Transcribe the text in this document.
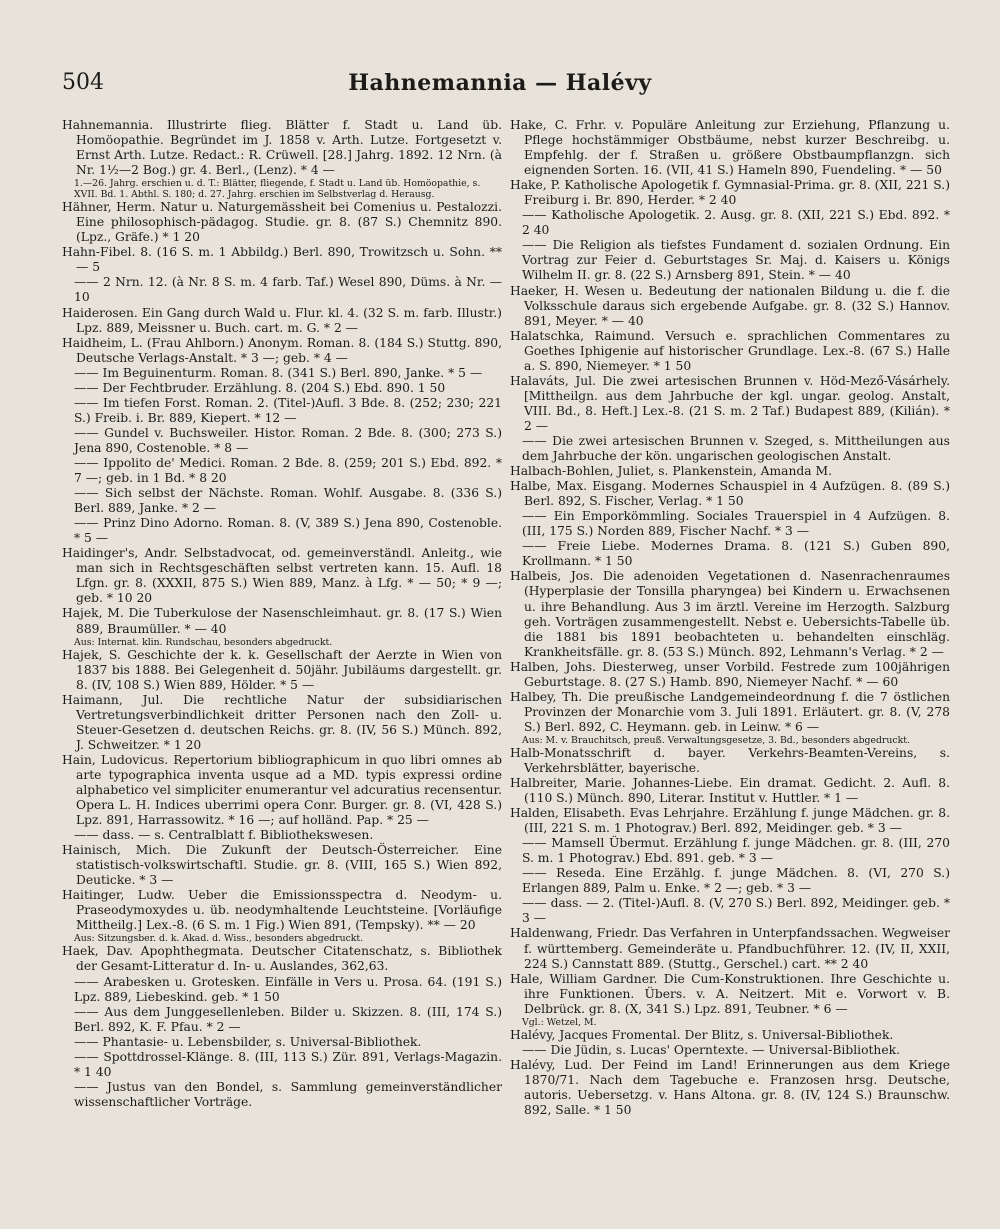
504	Hahnemannia — Halévy

Hahnemannia. Illustrirte flieg. Blätter f. Stadt u. Land üb. Homöopathie. Begründet im J. 1858 v. Arth. Lutze. Fortgesetzt v. Ernst Arth. Lutze. Redact.: R. Crüwell. [28.] Jahrg. 1892. 12 Nrn. (à Nr. 1½—2 Bog.) gr. 4. Berl., (Lenz). * 4 —

1.—26. Jahrg. erschien u. d. T.: Blätter, fliegende, f. Stadt u. Land üb. Homöopathie, s. XVII. Bd. 1. Abthl. S. 180; d. 27. Jahrg. erschien im Selbstverlag d. Herausg.

Hähner, Herm. Natur u. Naturgemässheit bei Comenius u. Pestalozzi. Eine philosophisch-pädagog. Studie. gr. 8. (87 S.) Chemnitz 890. (Lpz., Gräfe.) * 1 20

Hahn-Fibel. 8. (16 S. m. 1 Abbildg.) Berl. 890, Trowitzsch u. Sohn. ** — 5

—— 2 Nrn. 12. (à Nr. 8 S. m. 4 farb. Taf.) Wesel 890, Düms. à Nr. — 10

Haiderosen. Ein Gang durch Wald u. Flur. kl. 4. (32 S. m. farb. Illustr.) Lpz. 889, Meissner u. Buch. cart. m. G. * 2 —

Haidheim, L. (Frau Ahlborn.) Anonym. Roman. 8. (184 S.) Stuttg. 890, Deutsche Verlags-Anstalt. * 3 —; geb. * 4 —

—— Im Beguinenturm. Roman. 8. (341 S.) Berl. 890, Janke. * 5 —

—— Der Fechtbruder. Erzählung. 8. (204 S.) Ebd. 890. 1 50

—— Im tiefen Forst. Roman. 2. (Titel-)Aufl. 3 Bde. 8. (252; 230; 221 S.) Freib. i. Br. 889, Kiepert. * 12 —

—— Gundel v. Buchsweiler. Histor. Roman. 2 Bde. 8. (300; 273 S.) Jena 890, Costenoble. * 8 —

—— Ippolito de' Medici. Roman. 2 Bde. 8. (259; 201 S.) Ebd. 892. * 7 —; geb. in 1 Bd. * 8 20

—— Sich selbst der Nächste. Roman. Wohlf. Ausgabe. 8. (336 S.) Berl. 889, Janke. * 2 —

—— Prinz Dino Adorno. Roman. 8. (V, 389 S.) Jena 890, Costenoble. * 5 —

Haidinger's, Andr. Selbstadvocat, od. gemeinverständl. Anleitg., wie man sich in Rechtsgeschäften selbst vertreten kann. 15. Aufl. 18 Lfgn. gr. 8. (XXXII, 875 S.) Wien 889, Manz. à Lfg. * — 50; * 9 —; geb. * 10 20

Hajek, M. Die Tuberkulose der Nasenschleimhaut. gr. 8. (17 S.) Wien 889, Braumüller. * — 40

Aus: Internat. klin. Rundschau, besonders abgedruckt.

Hajek, S. Geschichte der k. k. Gesellschaft der Aerzte in Wien von 1837 bis 1888. Bei Gelegenheit d. 50jähr. Jubiläums dargestellt. gr. 8. (IV, 108 S.) Wien 889, Hölder. * 5 —

Haimann, Jul. Die rechtliche Natur der subsidiarischen Vertretungsverbindlichkeit dritter Personen nach den Zoll- u. Steuer-Gesetzen d. deutschen Reichs. gr. 8. (IV, 56 S.) Münch. 892, J. Schweitzer. * 1 20

Hain, Ludovicus. Repertorium bibliographicum in quo libri omnes ab arte typographica inventa usque ad a MD. typis expressi ordine alphabetico vel simpliciter enumerantur vel adcuratius recensentur. Opera L. H. Indices uberrimi opera Conr. Burger. gr. 8. (VI, 428 S.) Lpz. 891, Harrassowitz. * 16 —; auf holländ. Pap. * 25 —

—— dass. — s. Centralblatt f. Bibliothekswesen.

Hainisch, Mich. Die Zukunft der Deutsch-Österreicher. Eine statistisch-volkswirtschaftl. Studie. gr. 8. (VIII, 165 S.) Wien 892, Deuticke. * 3 —

Haitinger, Ludw. Ueber die Emissionsspectra d. Neodym- u. Praseodymoxydes u. üb. neodymhaltende Leuchtsteine. [Vorläufige Mittheilg.] Lex.-8. (6 S. m. 1 Fig.) Wien 891, (Tempsky). ** — 20

Aus: Sitzungsber. d. k. Akad. d. Wiss., besonders abgedruckt.

Haek, Dav. Apophthegmata. Deutscher Citatenschatz, s. Bibliothek der Gesamt-Litteratur d. In- u. Auslandes, 362,63.

—— Arabesken u. Grotesken. Einfälle in Vers u. Prosa. 64. (191 S.) Lpz. 889, Liebeskind. geb. * 1 50

—— Aus dem Junggesellenleben. Bilder u. Skizzen. 8. (III, 174 S.) Berl. 892, K. F. Pfau. * 2 —

—— Phantasie- u. Lebensbilder, s. Universal-Bibliothek.

—— Spottdrossel-Klänge. 8. (III, 113 S.) Zür. 891, Verlags-Magazin. * 1 40

—— Justus van den Bondel, s. Sammlung gemeinverständlicher wissenschaftlicher Vorträge.

Hake, C. Frhr. v. Populäre Anleitung zur Erziehung, Pflanzung u. Pflege hochstämmiger Obstbäume, nebst kurzer Beschreibg. u. Empfehlg. der f. Straßen u. größere Obstbaumpflanzgn. sich eignenden Sorten. 16. (VII, 41 S.) Hameln 890, Fuendeling. * — 50

Hake, P. Katholische Apologetik f. Gymnasial-Prima. gr. 8. (XII, 221 S.) Freiburg i. Br. 890, Herder. * 2 40

—— Katholische Apologetik. 2. Ausg. gr. 8. (XII, 221 S.) Ebd. 892. * 2 40

—— Die Religion als tiefstes Fundament d. sozialen Ordnung. Ein Vortrag zur Feier d. Geburtstages Sr. Maj. d. Kaisers u. Königs Wilhelm II. gr. 8. (22 S.) Arnsberg 891, Stein. * — 40

Haeker, H. Wesen u. Bedeutung der nationalen Bildung u. die f. die Volksschule daraus sich ergebende Aufgabe. gr. 8. (32 S.) Hannov. 891, Meyer. * — 40

Halatschka, Raimund. Versuch e. sprachlichen Commentares zu Goethes Iphigenie auf historischer Grundlage. Lex.-8. (67 S.) Halle a. S. 890, Niemeyer. * 1 50

Halaváts, Jul. Die zwei artesischen Brunnen v. Höd-Mező-Vásárhely. [Mittheilgn. aus dem Jahrbuche der kgl. ungar. geolog. Anstalt, VIII. Bd., 8. Heft.] Lex.-8. (21 S. m. 2 Taf.) Budapest 889, (Kilián). * 2 —

—— Die zwei artesischen Brunnen v. Szeged, s. Mittheilungen aus dem Jahrbuche der kön. ungarischen geologischen Anstalt.

Halbach-Bohlen, Juliet, s. Plankenstein, Amanda M.

Halbe, Max. Eisgang. Modernes Schauspiel in 4 Aufzügen. 8. (89 S.) Berl. 892, S. Fischer, Verlag. * 1 50

—— Ein Emporkömmling. Sociales Trauerspiel in 4 Aufzügen. 8. (III, 175 S.) Norden 889, Fischer Nachf. * 3 —

—— Freie Liebe. Modernes Drama. 8. (121 S.) Guben 890, Krollmann. * 1 50

Halbeis, Jos. Die adenoiden Vegetationen d. Nasenrachenraumes (Hyperplasie der Tonsilla pharyngea) bei Kindern u. Erwachsenen u. ihre Behandlung. Aus 3 im ärztl. Vereine im Herzogth. Salzburg geh. Vorträgen zusammengestellt. Nebst e. Uebersichts-Tabelle üb. die 1881 bis 1891 beobachteten u. behandelten einschläg. Krankheitsfälle. gr. 8. (53 S.) Münch. 892, Lehmann's Verlag. * 2 —

Halben, Johs. Diesterweg, unser Vorbild. Festrede zum 100jährigen Geburtstage. 8. (27 S.) Hamb. 890, Niemeyer Nachf. * — 60

Halbey, Th. Die preußische Landgemeindeordnung f. die 7 östlichen Provinzen der Monarchie vom 3. Juli 1891. Erläutert. gr. 8. (V, 278 S.) Berl. 892, C. Heymann. geb. in Leinw. * 6 —

Aus: M. v. Brauchitsch, preuß. Verwaltungsgesetze, 3. Bd., besonders abgedruckt.

Halb-Monatsschrift d. bayer. Verkehrs-Beamten-Vereins, s. Verkehrsblätter, bayerische.

Halbreiter, Marie. Johannes-Liebe. Ein dramat. Gedicht. 2. Aufl. 8. (110 S.) Münch. 890, Literar. Institut v. Huttler. * 1 —

Halden, Elisabeth. Evas Lehrjahre. Erzählung f. junge Mädchen. gr. 8. (III, 221 S. m. 1 Photograv.) Berl. 892, Meidinger. geb. * 3 —

—— Mamsell Übermut. Erzählung f. junge Mädchen. gr. 8. (III, 270 S. m. 1 Photograv.) Ebd. 891. geb. * 3 —

—— Reseda. Eine Erzählg. f. junge Mädchen. 8. (VI, 270 S.) Erlangen 889, Palm u. Enke. * 2 —; geb. * 3 —

—— dass. — 2. (Titel-)Aufl. 8. (V, 270 S.) Berl. 892, Meidinger. geb. * 3 —

Haldenwang, Friedr. Das Verfahren in Unterpfandssachen. Wegweiser f. württemberg. Gemeinderäte u. Pfandbuchführer. 12. (IV, II, XXII, 224 S.) Cannstatt 889. (Stuttg., Gerschel.) cart. ** 2 40

Hale, William Gardner. Die Cum-Konstruktionen. Ihre Geschichte u. ihre Funktionen. Übers. v. A. Neitzert. Mit e. Vorwort v. B. Delbrück. gr. 8. (X, 341 S.) Lpz. 891, Teubner. * 6 —

Vgl.: Wetzel, M.

Halévy, Jacques Fromental. Der Blitz, s. Universal-Bibliothek.

—— Die Jüdin, s. Lucas' Operntexte. — Universal-Bibliothek.

Halévy, Lud. Der Feind im Land! Erinnerungen aus dem Kriege 1870/71. Nach dem Tagebuche e. Franzosen hrsg. Deutsche, autoris. Uebersetzg. v. Hans Altona. gr. 8. (IV, 124 S.) Braunschw. 892, Salle. * 1 50
